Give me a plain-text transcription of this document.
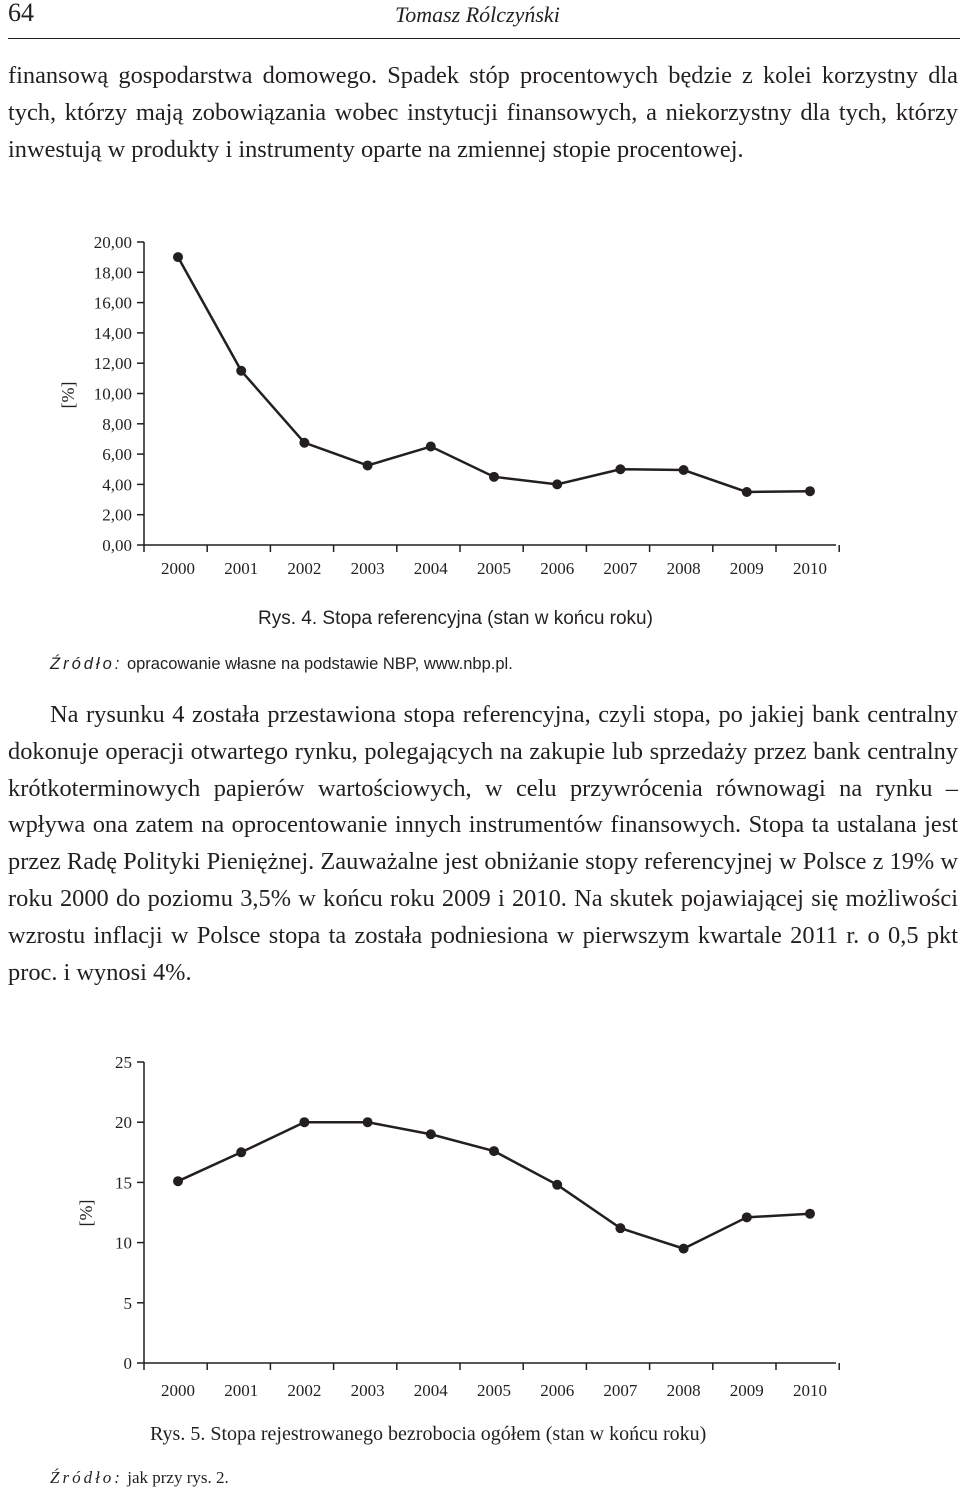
64	Tomasz Rólczyński

finansową gospodarstwa domowego. Spadek stóp procentowych będzie z kolei korzystny dla tych, którzy mają zobowiązania wobec instytucji finansowych, a niekorzystny dla tych, którzy inwestują w produkty i instrumenty oparte na zmiennej stopie procentowej.

0,00
2,00
4,00
6,00
8,00
10,00
12,00
14,00
16,00
18,00
20,00
2000 2001 2002 2003 2004 2005 2006 2007 2008 2009 2010
[%]
Rys. 4. Stopa referencyjna (stan w końcu roku)
Źródło: opracowanie własne na podstawie NBP, www.nbp.pl.

Na rysunku 4 została przestawiona stopa referencyjna, czyli stopa, po jakiej bank centralny dokonuje operacji otwartego rynku, polegających na zakupie lub sprzedaży przez bank centralny krótkoterminowych papierów wartościowych, w celu przywrócenia równowagi na rynku – wpływa ona zatem na oprocentowanie innych instrumentów finansowych. Stopa ta ustalana jest przez Radę Polityki Pieniężnej. Zauważalne jest obniżanie stopy referencyjnej w Polsce z 19% w roku 2000 do poziomu 3,5% w końcu roku 2009 i 2010. Na skutek pojawiającej się możliwości wzrostu inflacji w Polsce stopa ta została podniesiona w pierwszym kwartale 2011 r. o 0,5 pkt proc. i wynosi 4%.

0
5
10
15
20
25
2000 2001 2002 2003 2004 2005 2006 2007 2008 2009 2010
[%]
Rys. 5. Stopa rejestrowanego bezrobocia ogółem (stan w końcu roku)
Źródło: jak przy rys. 2.
